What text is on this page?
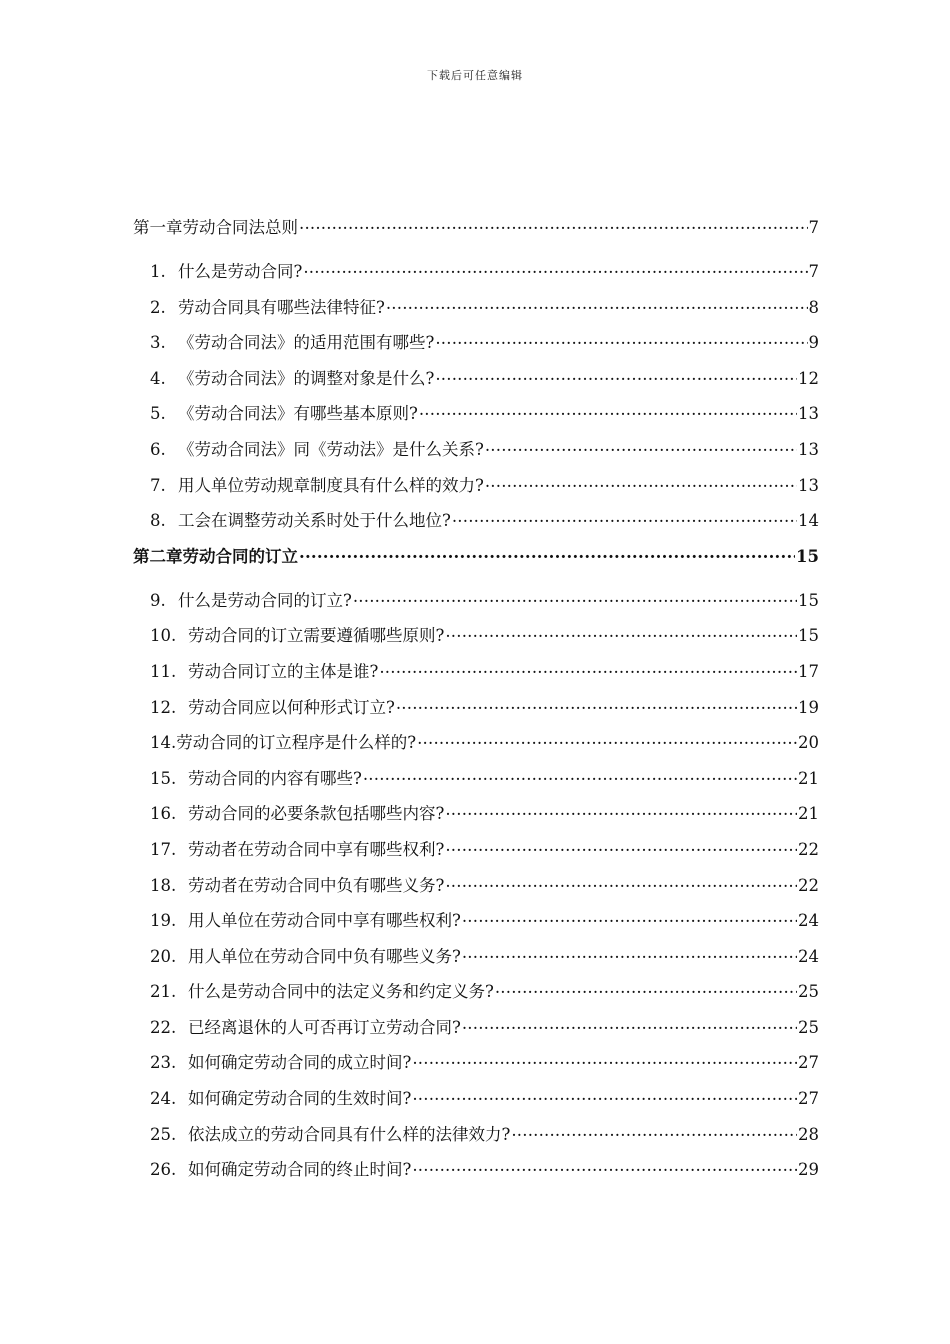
下载后可任意编辑
第一章劳动合同法总则 .....	7
1. 什么是劳动合同? .....	7
2. 劳动合同具有哪些法律特征? .....	8
3. 《劳动合同法》的适用范围有哪些? .....	9
4. 《劳动合同法》的调整对象是什么? .....	12
5. 《劳动合同法》有哪些基本原则? .....	13
6. 《劳动合同法》同《劳动法》是什么关系? .....	13
7. 用人单位劳动规章制度具有什么样的效力? .....	13
8. 工会在调整劳动关系时处于什么地位? .....	14
第二章劳动合同的订立 .....	15
9. 什么是劳动合同的订立? .....	15
10. 劳动合同的订立需要遵循哪些原则? .....	15
11. 劳动合同订立的主体是谁? .....	17
12. 劳动合同应以何种形式订立? .....	19
14. 劳动合同的订立程序是什么样的? .....	20
15. 劳动合同的内容有哪些? .....	21
16. 劳动合同的必要条款包括哪些内容? .....	21
17. 劳动者在劳动合同中享有哪些权利? .....	22
18. 劳动者在劳动合同中负有哪些义务? .....	22
19. 用人单位在劳动合同中享有哪些权利? .....	24
20. 用人单位在劳动合同中负有哪些义务? .....	24
21. 什么是劳动合同中的法定义务和约定义务? .....	25
22. 已经离退休的人可否再订立劳动合同? .....	25
23. 如何确定劳动合同的成立时间? .....	27
24. 如何确定劳动合同的生效时间? .....	27
25. 依法成立的劳动合同具有什么样的法律效力? .....	28
26. 如何确定劳动合同的终止时间? .....	29
